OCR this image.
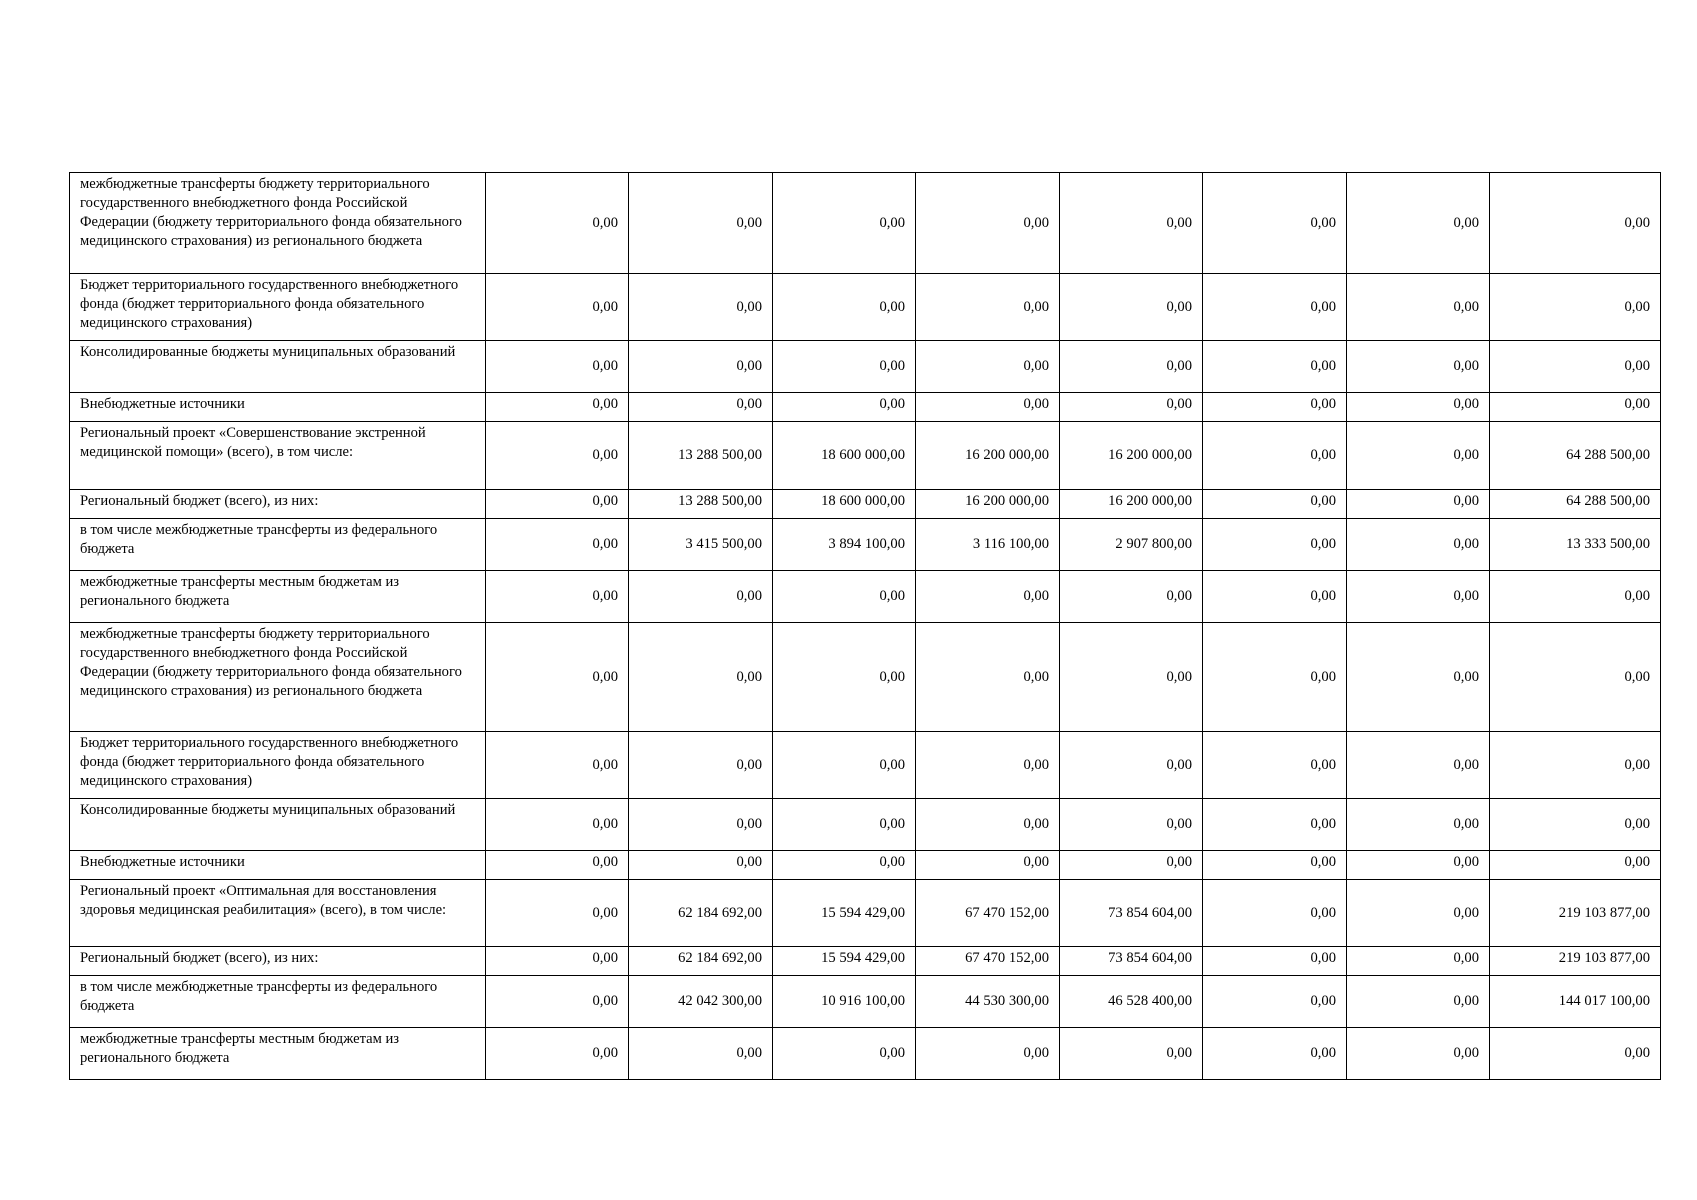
межбюджетные трансферты бюджету территориального государственного внебюджетного фонда Российской Федерации (бюджету территориального фонда обязательного медицинского страхования) из регионального бюджета	0,00	0,00	0,00	0,00	0,00	0,00	0,00	0,00
Бюджет территориального государственного внебюджетного фонда (бюджет территориального фонда обязательного медицинского страхования)	0,00	0,00	0,00	0,00	0,00	0,00	0,00	0,00
Консолидированные бюджеты муниципальных образований	0,00	0,00	0,00	0,00	0,00	0,00	0,00	0,00
Внебюджетные источники	0,00	0,00	0,00	0,00	0,00	0,00	0,00	0,00
Региональный проект «Совершенствование экстренной медицинской помощи» (всего), в том числе:	0,00	13 288 500,00	18 600 000,00	16 200 000,00	16 200 000,00	0,00	0,00	64 288 500,00
Региональный бюджет (всего), из них:	0,00	13 288 500,00	18 600 000,00	16 200 000,00	16 200 000,00	0,00	0,00	64 288 500,00
в том числе межбюджетные трансферты из федерального бюджета	0,00	3 415 500,00	3 894 100,00	3 116 100,00	2 907 800,00	0,00	0,00	13 333 500,00
межбюджетные трансферты местным бюджетам из регионального бюджета	0,00	0,00	0,00	0,00	0,00	0,00	0,00	0,00
межбюджетные трансферты бюджету территориального государственного внебюджетного фонда Российской Федерации (бюджету территориального фонда обязательного медицинского страхования) из регионального бюджета	0,00	0,00	0,00	0,00	0,00	0,00	0,00	0,00
Бюджет территориального государственного внебюджетного фонда (бюджет территориального фонда обязательного медицинского страхования)	0,00	0,00	0,00	0,00	0,00	0,00	0,00	0,00
Консолидированные бюджеты муниципальных образований	0,00	0,00	0,00	0,00	0,00	0,00	0,00	0,00
Внебюджетные источники	0,00	0,00	0,00	0,00	0,00	0,00	0,00	0,00
Региональный проект «Оптимальная для восстановления здоровья медицинская реабилитация» (всего), в том числе:	0,00	62 184 692,00	15 594 429,00	67 470 152,00	73 854 604,00	0,00	0,00	219 103 877,00
Региональный бюджет (всего), из них:	0,00	62 184 692,00	15 594 429,00	67 470 152,00	73 854 604,00	0,00	0,00	219 103 877,00
в том числе межбюджетные трансферты из федерального бюджета	0,00	42 042 300,00	10 916 100,00	44 530 300,00	46 528 400,00	0,00	0,00	144 017 100,00
межбюджетные трансферты местным бюджетам из регионального бюджета	0,00	0,00	0,00	0,00	0,00	0,00	0,00	0,00
